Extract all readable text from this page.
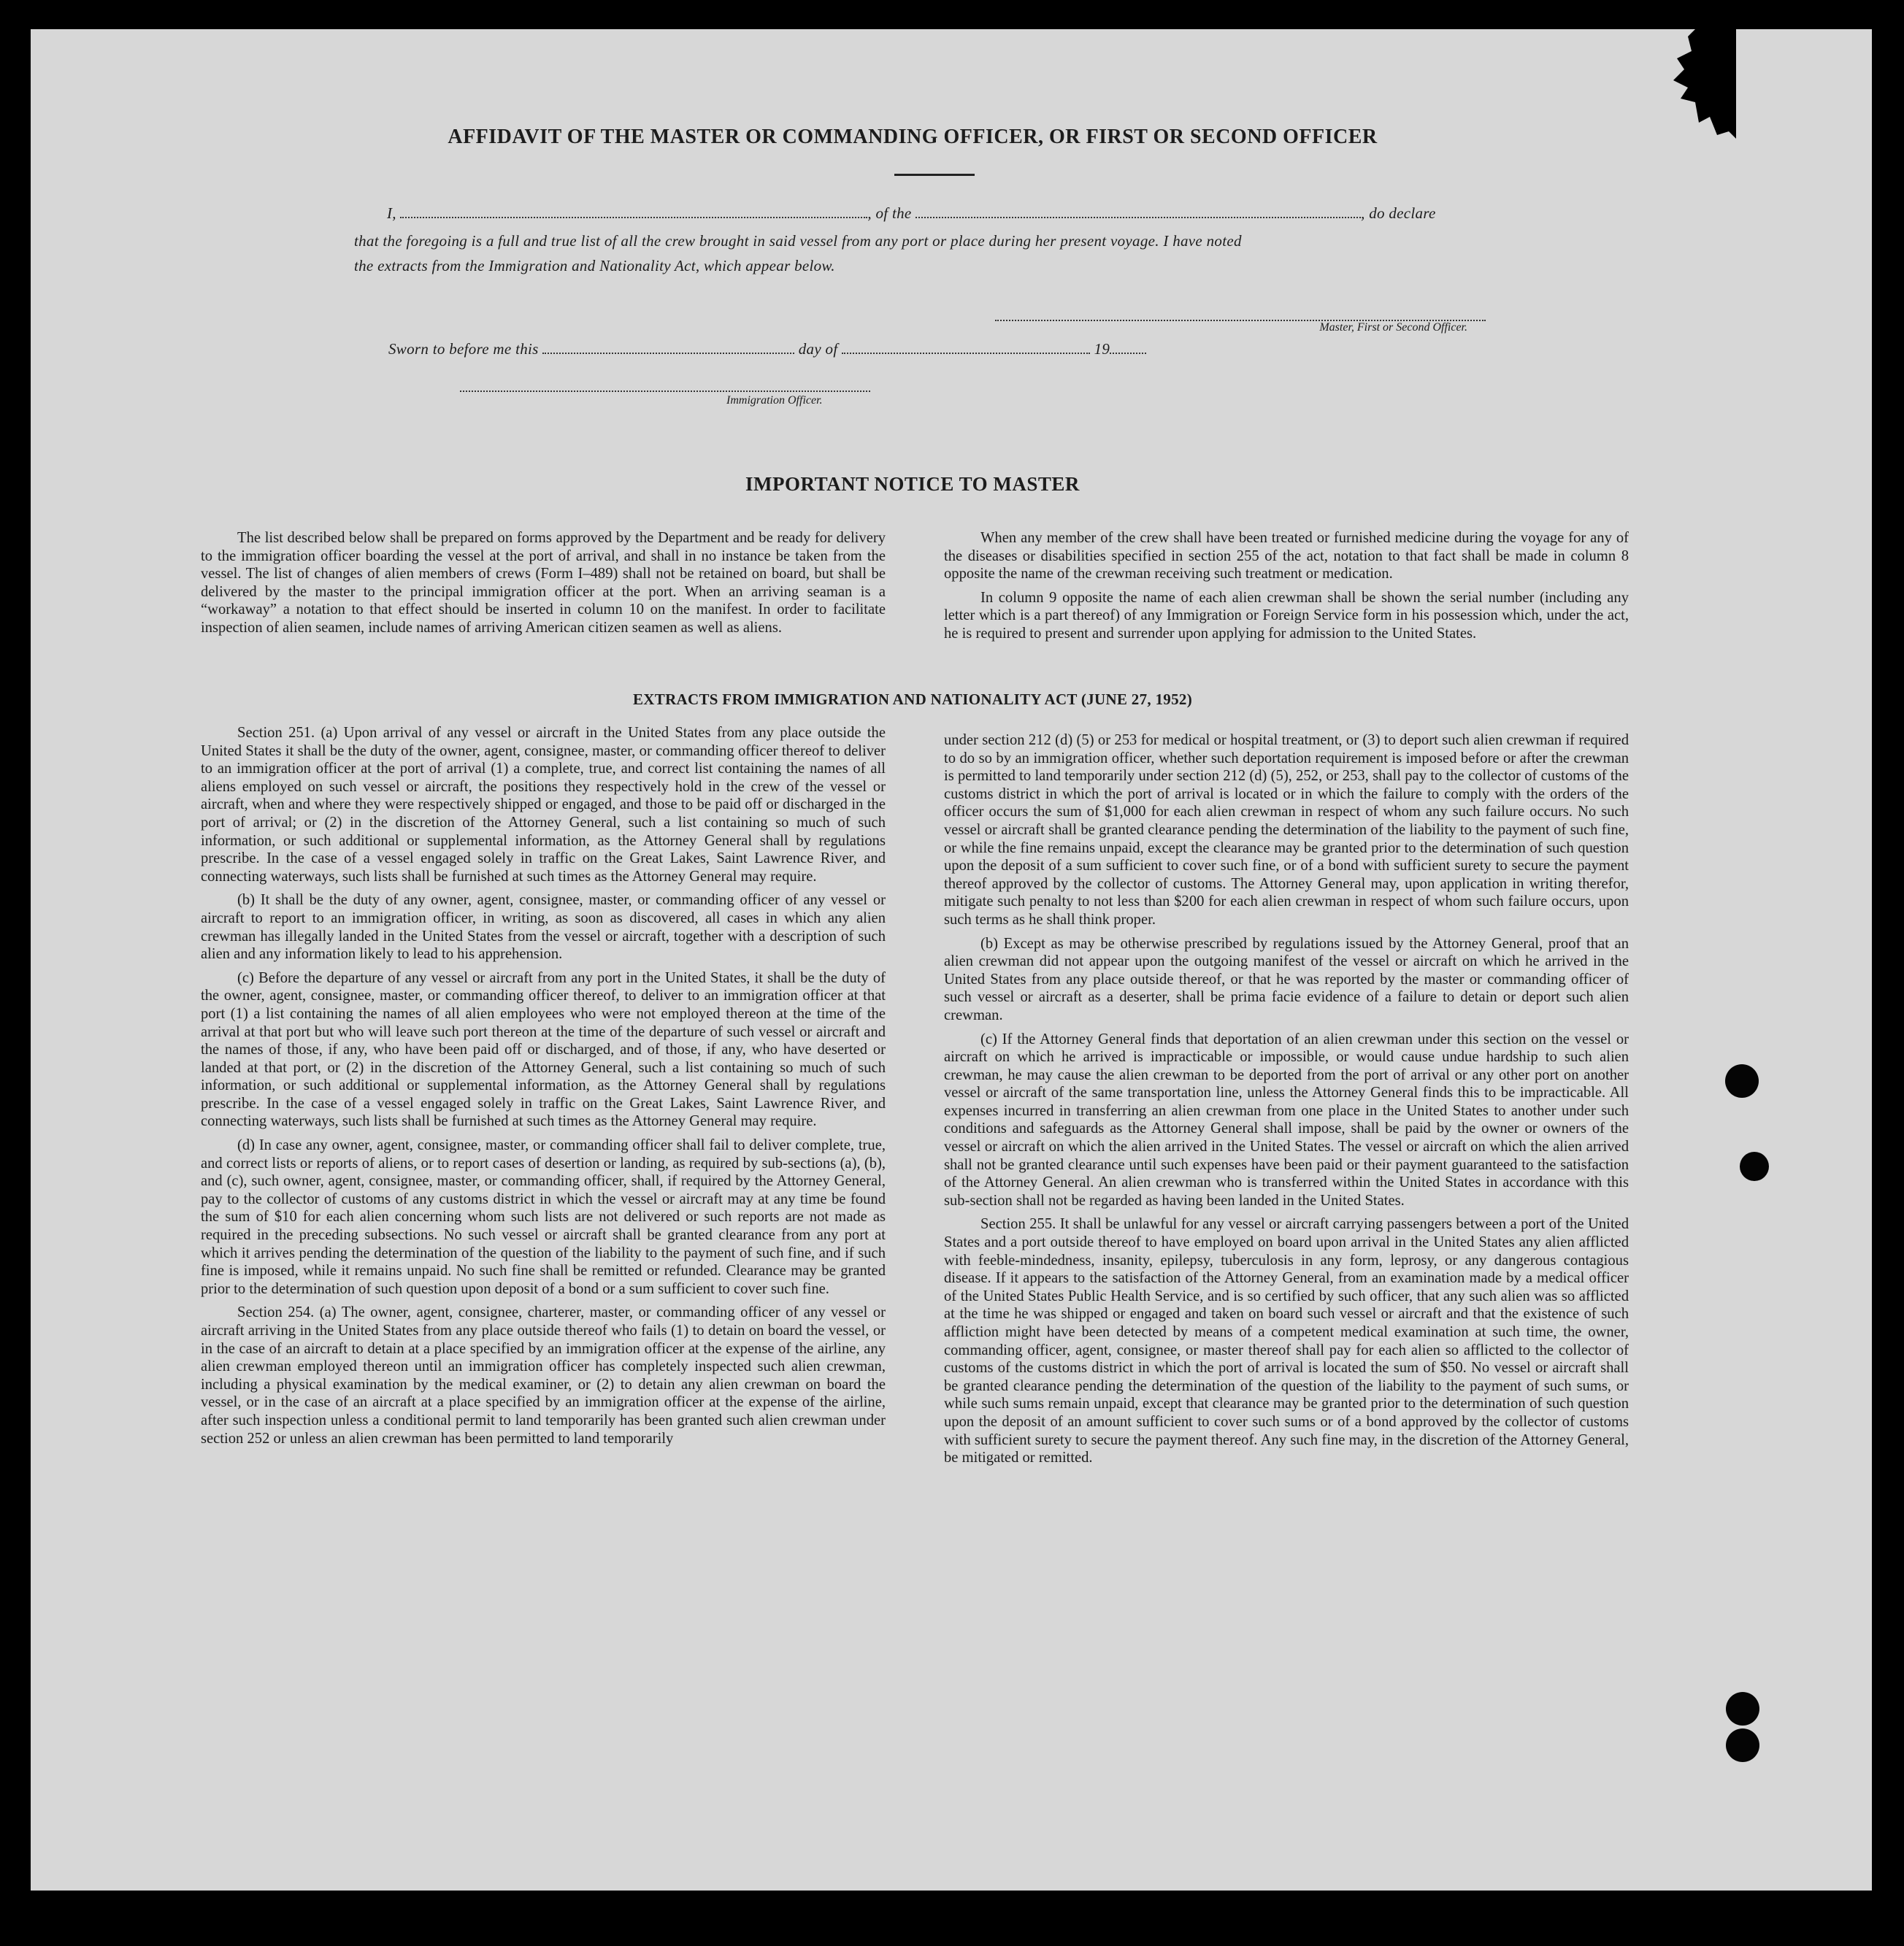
AFFIDAVIT OF THE MASTER OR COMMANDING OFFICER, OR FIRST OR SECOND OFFICER
I,	, of the	, do declare
that the foregoing is a full and true list of all the crew brought in said vessel from any port or place during her present voyage. I have noted
the extracts from the Immigration and Nationality Act, which appear below.
Master, First or Second Officer.
Sworn to before me this	day of	19
Immigration Officer.
IMPORTANT NOTICE TO MASTER

The list described below shall be prepared on forms approved by the Department and be ready for delivery to the immigration officer boarding the vessel at the port of arrival, and shall in no instance be taken from the vessel. The list of changes of alien members of crews (Form I–489) shall not be retained on board, but shall be delivered by the master to the principal immigration officer at the port. When an arriving seaman is a “workaway” a notation to that effect should be inserted in column 10 on the manifest. In order to facilitate inspection of alien seamen, include names of arriving American citizen seamen as well as aliens.

When any member of the crew shall have been treated or furnished medicine during the voyage for any of the diseases or disabilities specified in section 255 of the act, notation to that fact shall be made in column 8 opposite the name of the crewman receiving such treatment or medication.

In column 9 opposite the name of each alien crewman shall be shown the serial number (including any letter which is a part thereof) of any Immigration or Foreign Service form in his possession which, under the act, he is required to present and surrender upon applying for admission to the United States.

EXTRACTS FROM IMMIGRATION AND NATIONALITY ACT (JUNE 27, 1952)

Section 251. (a) Upon arrival of any vessel or aircraft in the United States from any place outside the United States it shall be the duty of the owner, agent, consignee, master, or commanding officer thereof to deliver to an immigration officer at the port of arrival (1) a complete, true, and correct list containing the names of all aliens employed on such vessel or aircraft, the positions they respectively hold in the crew of the vessel or aircraft, when and where they were respectively shipped or engaged, and those to be paid off or discharged in the port of arrival; or (2) in the discretion of the Attorney General, such a list containing so much of such information, or such additional or supplemental information, as the Attorney General shall by regulations prescribe. In the case of a vessel engaged solely in traffic on the Great Lakes, Saint Lawrence River, and connecting waterways, such lists shall be furnished at such times as the Attorney General may require.

(b) It shall be the duty of any owner, agent, consignee, master, or commanding officer of any vessel or aircraft to report to an immigration officer, in writing, as soon as discovered, all cases in which any alien crewman has illegally landed in the United States from the vessel or aircraft, together with a description of such alien and any information likely to lead to his apprehension.

(c) Before the departure of any vessel or aircraft from any port in the United States, it shall be the duty of the owner, agent, consignee, master, or commanding officer thereof, to deliver to an immigration officer at that port (1) a list containing the names of all alien employees who were not employed thereon at the time of the arrival at that port but who will leave such port thereon at the time of the departure of such vessel or aircraft and the names of those, if any, who have been paid off or discharged, and of those, if any, who have deserted or landed at that port, or (2) in the discretion of the Attorney General, such a list containing so much of such information, or such additional or supplemental information, as the Attorney General shall by regulations prescribe. In the case of a vessel engaged solely in traffic on the Great Lakes, Saint Lawrence River, and connecting waterways, such lists shall be furnished at such times as the Attorney General may require.

(d) In case any owner, agent, consignee, master, or commanding officer shall fail to deliver complete, true, and correct lists or reports of aliens, or to report cases of desertion or landing, as required by sub-sections (a), (b), and (c), such owner, agent, consignee, master, or commanding officer, shall, if required by the Attorney General, pay to the collector of customs of any customs district in which the vessel or aircraft may at any time be found the sum of $10 for each alien concerning whom such lists are not delivered or such reports are not made as required in the preceding subsections. No such vessel or aircraft shall be granted clearance from any port at which it arrives pending the determination of the question of the liability to the payment of such fine, and if such fine is imposed, while it remains unpaid. No such fine shall be remitted or refunded. Clearance may be granted prior to the determination of such question upon deposit of a bond or a sum sufficient to cover such fine.

Section 254. (a) The owner, agent, consignee, charterer, master, or commanding officer of any vessel or aircraft arriving in the United States from any place outside thereof who fails (1) to detain on board the vessel, or in the case of an aircraft to detain at a place specified by an immigration officer at the expense of the airline, any alien crewman employed thereon until an immigration officer has completely inspected such alien crewman, including a physical examination by the medical examiner, or (2) to detain any alien crewman on board the vessel, or in the case of an aircraft at a place specified by an immigration officer at the expense of the airline, after such inspection unless a conditional permit to land temporarily has been granted such alien crewman under section 252 or unless an alien crewman has been permitted to land temporarily

under section 212 (d) (5) or 253 for medical or hospital treatment, or (3) to deport such alien crewman if required to do so by an immigration officer, whether such deportation requirement is imposed before or after the crewman is permitted to land temporarily under section 212 (d) (5), 252, or 253, shall pay to the collector of customs of the customs district in which the port of arrival is located or in which the failure to comply with the orders of the officer occurs the sum of $1,000 for each alien crewman in respect of whom any such failure occurs. No such vessel or aircraft shall be granted clearance pending the determination of the liability to the payment of such fine, or while the fine remains unpaid, except the clearance may be granted prior to the determination of such question upon the deposit of a sum sufficient to cover such fine, or of a bond with sufficient surety to secure the payment thereof approved by the collector of customs. The Attorney General may, upon application in writing therefor, mitigate such penalty to not less than $200 for each alien crewman in respect of whom such failure occurs, upon such terms as he shall think proper.

(b) Except as may be otherwise prescribed by regulations issued by the Attorney General, proof that an alien crewman did not appear upon the outgoing manifest of the vessel or aircraft on which he arrived in the United States from any place outside thereof, or that he was reported by the master or commanding officer of such vessel or aircraft as a deserter, shall be prima facie evidence of a failure to detain or deport such alien crewman.

(c) If the Attorney General finds that deportation of an alien crewman under this section on the vessel or aircraft on which he arrived is impracticable or impossible, or would cause undue hardship to such alien crewman, he may cause the alien crewman to be deported from the port of arrival or any other port on another vessel or aircraft of the same transportation line, unless the Attorney General finds this to be impracticable. All expenses incurred in transferring an alien crewman from one place in the United States to another under such conditions and safeguards as the Attorney General shall impose, shall be paid by the owner or owners of the vessel or aircraft on which the alien arrived in the United States. The vessel or aircraft on which the alien arrived shall not be granted clearance until such expenses have been paid or their payment guaranteed to the satisfaction of the Attorney General. An alien crewman who is transferred within the United States in accordance with this sub-section shall not be regarded as having been landed in the United States.

Section 255. It shall be unlawful for any vessel or aircraft carrying passengers between a port of the United States and a port outside thereof to have employed on board upon arrival in the United States any alien afflicted with feeble-mindedness, insanity, epilepsy, tuberculosis in any form, leprosy, or any dangerous contagious disease. If it appears to the satisfaction of the Attorney General, from an examination made by a medical officer of the United States Public Health Service, and is so certified by such officer, that any such alien was so afflicted at the time he was shipped or engaged and taken on board such vessel or aircraft and that the existence of such affliction might have been detected by means of a competent medical examination at such time, the owner, commanding officer, agent, consignee, or master thereof shall pay for each alien so afflicted to the collector of customs of the customs district in which the port of arrival is located the sum of $50. No vessel or aircraft shall be granted clearance pending the determination of the question of the liability to the payment of such sums, or while such sums remain unpaid, except that clearance may be granted prior to the determination of such question upon the deposit of an amount sufficient to cover such sums or of a bond approved by the collector of customs with sufficient surety to secure the payment thereof. Any such fine may, in the discretion of the Attorney General, be mitigated or remitted.
